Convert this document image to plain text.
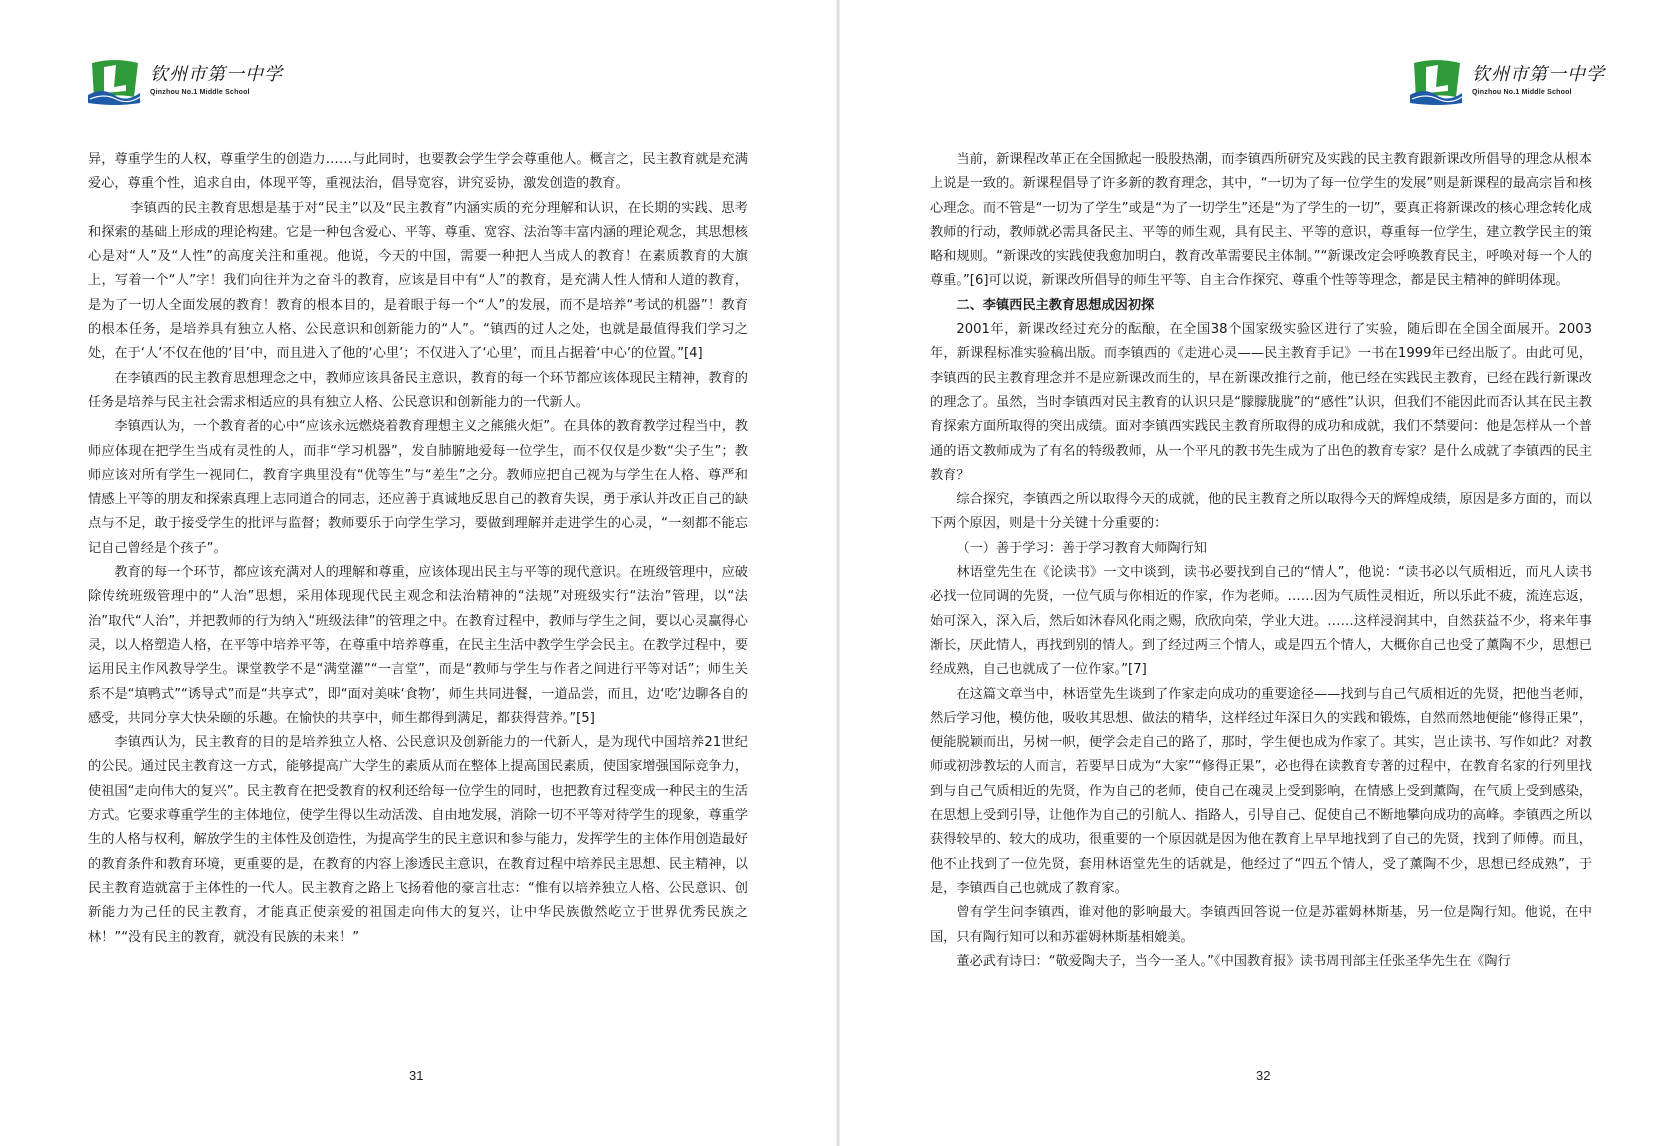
钦州市第一中学
Qinzhou No.1 Middle School

异，尊重学生的人权，尊重学生的创造力……与此同时，也要教会学生学会尊重他人。概言之，民主教育就是充满爱心，尊重个性，追求自由，体现平等，重视法治，倡导宽容，讲究妥协，激发创造的教育。

李镇西的民主教育思想是基于对“民主”以及“民主教育”内涵实质的充分理解和认识，在长期的实践、思考和探索的基础上形成的理论构建。它是一种包含爱心、平等、尊重、宽容、法治等丰富内涵的理论观念，其思想核心是对“人”及“人性”的高度关注和重视。他说，今天的中国，需要一种把人当成人的教育！在素质教育的大旗上，写着一个“人”字！我们向往并为之奋斗的教育，应该是目中有“人”的教育，是充满人性人情和人道的教育，是为了一切人全面发展的教育！教育的根本目的，是着眼于每一个“人”的发展，而不是培养“考试的机器”！教育的根本任务，是培养具有独立人格、公民意识和创新能力的“人”。“镇西的过人之处，也就是最值得我们学习之处，在于‘人’不仅在他的‘目’中，而且进入了他的‘心里’；不仅进入了‘心里’，而且占据着‘中心’的位置。”[4]

在李镇西的民主教育思想理念之中，教师应该具备民主意识，教育的每一个环节都应该体现民主精神，教育的任务是培养与民主社会需求相适应的具有独立人格、公民意识和创新能力的一代新人。

李镇西认为，一个教育者的心中“应该永远燃烧着教育理想主义之熊熊火炬”。在具体的教育教学过程当中，教师应体现在把学生当成有灵性的人，而非“学习机器”，发自肺腑地爱每一位学生，而不仅仅是少数“尖子生”；教师应该对所有学生一视同仁，教育字典里没有“优等生”与“差生”之分。教师应把自己视为与学生在人格、尊严和情感上平等的朋友和探索真理上志同道合的同志，还应善于真诚地反思自己的教育失误，勇于承认并改正自己的缺点与不足，敢于接受学生的批评与监督；教师要乐于向学生学习，要做到理解并走进学生的心灵，“一刻都不能忘记自己曾经是个孩子”。

教育的每一个环节，都应该充满对人的理解和尊重，应该体现出民主与平等的现代意识。在班级管理中，应破除传统班级管理中的“人治”思想，采用体现现代民主观念和法治精神的“法规”对班级实行“法治”管理，以“法治”取代“人治”，并把教师的行为纳入“班级法律”的管理之中。在教育过程中，教师与学生之间，要以心灵赢得心灵，以人格塑造人格，在平等中培养平等，在尊重中培养尊重，在民主生活中教学生学会民主。在教学过程中，要运用民主作风教导学生。课堂教学不是“满堂灌”“一言堂”，而是“教师与学生与作者之间进行平等对话”；师生关系不是“填鸭式”“诱导式”而是“共享式”，即“面对美味‘食物’，师生共同进餐，一道品尝，而且，边‘吃’边聊各自的感受，共同分享大快朵颐的乐趣。在愉快的共享中，师生都得到满足，都获得营养。”[5]

李镇西认为，民主教育的目的是培养独立人格、公民意识及创新能力的一代新人，是为现代中国培养21世纪的公民。通过民主教育这一方式，能够提高广大学生的素质从而在整体上提高国民素质，使国家增强国际竞争力，使祖国“走向伟大的复兴”。民主教育在把受教育的权利还给每一位学生的同时，也把教育过程变成一种民主的生活方式。它要求尊重学生的主体地位，使学生得以生动活泼、自由地发展，消除一切不平等对待学生的现象，尊重学生的人格与权利，解放学生的主体性及创造性，为提高学生的民主意识和参与能力，发挥学生的主体作用创造最好的教育条件和教育环境，更重要的是，在教育的内容上渗透民主意识，在教育过程中培养民主思想、民主精神，以民主教育造就富于主体性的一代人。民主教育之路上飞扬着他的豪言壮志：“惟有以培养独立人格、公民意识、创新能力为己任的民主教育，才能真正使亲爱的祖国走向伟大的复兴，让中华民族傲然屹立于世界优秀民族之林！”“没有民主的教育，就没有民族的未来！”

31
钦州市第一中学
Qinzhou No.1 Middle School

当前，新课程改革正在全国掀起一股股热潮，而李镇西所研究及实践的民主教育跟新课改所倡导的理念从根本上说是一致的。新课程倡导了许多新的教育理念，其中，“一切为了每一位学生的发展”则是新课程的最高宗旨和核心理念。而不管是“一切为了学生”或是“为了一切学生”还是“为了学生的一切”，要真正将新课改的核心理念转化成教师的行动，教师就必需具备民主、平等的师生观，具有民主、平等的意识，尊重每一位学生，建立教学民主的策略和规则。“新课改的实践使我愈加明白，教育改革需要民主体制。”“新课改定会呼唤教育民主，呼唤对每一个人的尊重。”[6]可以说，新课改所倡导的师生平等、自主合作探究、尊重个性等等理念，都是民主精神的鲜明体现。

二、李镇西民主教育思想成因初探

2001年，新课改经过充分的酝酿，在全国38个国家级实验区进行了实验，随后即在全国全面展开。2003年，新课程标准实验稿出版。而李镇西的《走进心灵——民主教育手记》一书在1999年已经出版了。由此可见，李镇西的民主教育理念并不是应新课改而生的，早在新课改推行之前，他已经在实践民主教育，已经在践行新课改的理念了。虽然，当时李镇西对民主教育的认识只是“朦朦胧胧”的“感性”认识，但我们不能因此而否认其在民主教育探索方面所取得的突出成绩。面对李镇西实践民主教育所取得的成功和成就，我们不禁要问：他是怎样从一个普通的语文教师成为了有名的特级教师，从一个平凡的教书先生成为了出色的教育专家？是什么成就了李镇西的民主教育？

综合探究，李镇西之所以取得今天的成就，他的民主教育之所以取得今天的辉煌成绩，原因是多方面的，而以下两个原因，则是十分关键十分重要的：

（一）善于学习：善于学习教育大师陶行知

林语堂先生在《论读书》一文中谈到，读书必要找到自己的“情人”，他说：“读书必以气质相近，而凡人读书必找一位同调的先贤，一位气质与你相近的作家，作为老师。……因为气质性灵相近，所以乐此不疲，流连忘返，始可深入，深入后，然后如沐春风化雨之赐，欣欣向荣，学业大进。……这样浸润其中，自然获益不少，将来年事渐长，厌此情人，再找到别的情人。到了经过两三个情人，或是四五个情人，大概你自己也受了薰陶不少，思想已经成熟，自己也就成了一位作家。”[7]

在这篇文章当中，林语堂先生谈到了作家走向成功的重要途径——找到与自己气质相近的先贤，把他当老师，然后学习他，模仿他，吸收其思想、做法的精华，这样经过年深日久的实践和锻炼，自然而然地便能“修得正果”，便能脱颖而出，另树一帜，便学会走自己的路了，那时，学生便也成为作家了。其实，岂止读书、写作如此？对教师或初涉教坛的人而言，若要早日成为“大家”“修得正果”，必也得在读教育专著的过程中，在教育名家的行列里找到与自己气质相近的先贤，作为自己的老师，使自己在魂灵上受到影响，在情感上受到薰陶，在气质上受到感染，在思想上受到引导，让他作为自己的引航人、指路人，引导自己、促使自己不断地攀向成功的高峰。李镇西之所以获得较早的、较大的成功，很重要的一个原因就是因为他在教育上早早地找到了自己的先贤，找到了师傅。而且，他不止找到了一位先贤，套用林语堂先生的话就是，他经过了“四五个情人，受了薰陶不少，思想已经成熟”，于是，李镇西自己也就成了教育家。

曾有学生问李镇西，谁对他的影响最大。李镇西回答说一位是苏霍姆林斯基，另一位是陶行知。他说，在中国，只有陶行知可以和苏霍姆林斯基相媲美。

董必武有诗曰：“敬爱陶夫子，当今一圣人。”《中国教育报》读书周刊部主任张圣华先生在《陶行

32
